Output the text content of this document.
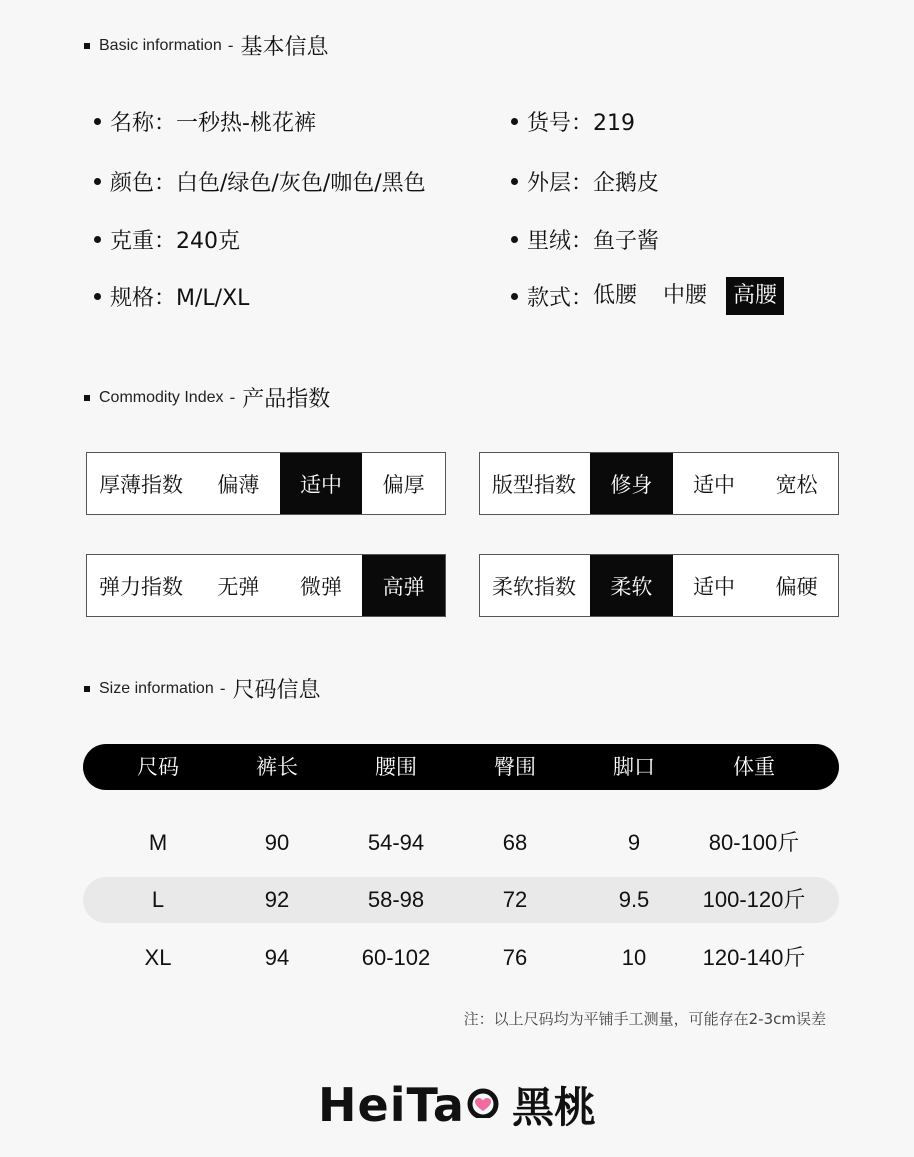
Basic information - 基本信息
名称：一秒热-桃花裤
颜色：白色/绿色/灰色/咖色/黑色
克重：240克
规格：M/L/XL
货号：219
外层：企鹅皮
里绒：鱼子酱
款式： 低腰	中腰	高腰
Commodity Index - 产品指数
厚薄指数	偏薄	适中	偏厚	版型指数	修身	适中	宽松
弹力指数	无弹	微弹	高弹	柔软指数	柔软	适中	偏硬
Size information - 尺码信息
尺码	裤长	腰围	臀围	脚口	体重
M	90	54-94	68	9	80-100斤
L	92	58-98	72	9.5	100-120斤
XL	94	60-102	76	10	120-140斤
注：以上尺码均为平铺手工测量，可能存在2-3cm误差
HeiTa 黑桃
